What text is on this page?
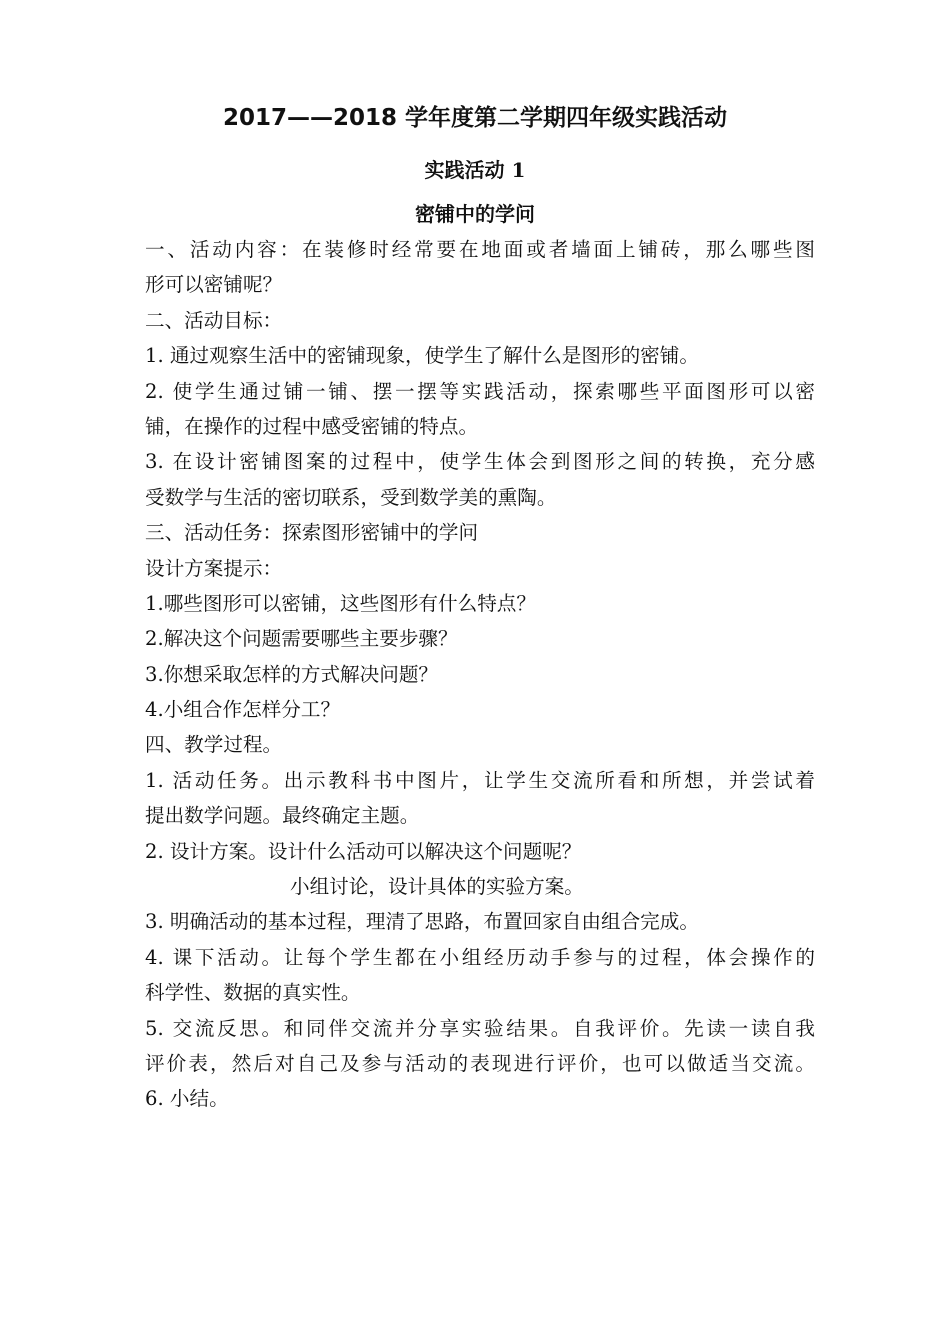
2017——2018 学年度第二学期四年级实践活动
实践活动 1
密铺中的学问
一、活动内容：在装修时经常要在地面或者墙面上铺砖，那么哪些图
形可以密铺呢？
二、活动目标：
1. 通过观察生活中的密铺现象，使学生了解什么是图形的密铺。
2. 使学生通过铺一铺、摆一摆等实践活动，探索哪些平面图形可以密
铺，在操作的过程中感受密铺的特点。
3. 在设计密铺图案的过程中，使学生体会到图形之间的转换，充分感
受数学与生活的密切联系，受到数学美的熏陶。
三、活动任务：探索图形密铺中的学问
设计方案提示：
1.哪些图形可以密铺，这些图形有什么特点？
2.解决这个问题需要哪些主要步骤？
3.你想采取怎样的方式解决问题？
4.小组合作怎样分工？
四、教学过程。
1. 活动任务。出示教科书中图片，让学生交流所看和所想，并尝试着
提出数学问题。最终确定主题。
2. 设计方案。设计什么活动可以解决这个问题呢？
小组讨论，设计具体的实验方案。
3. 明确活动的基本过程，理清了思路，布置回家自由组合完成。
4. 课下活动。让每个学生都在小组经历动手参与的过程，体会操作的
科学性、数据的真实性。
5. 交流反思。和同伴交流并分享实验结果。自我评价。先读一读自我
评价表，然后对自己及参与活动的表现进行评价，也可以做适当交流。
6. 小结。
